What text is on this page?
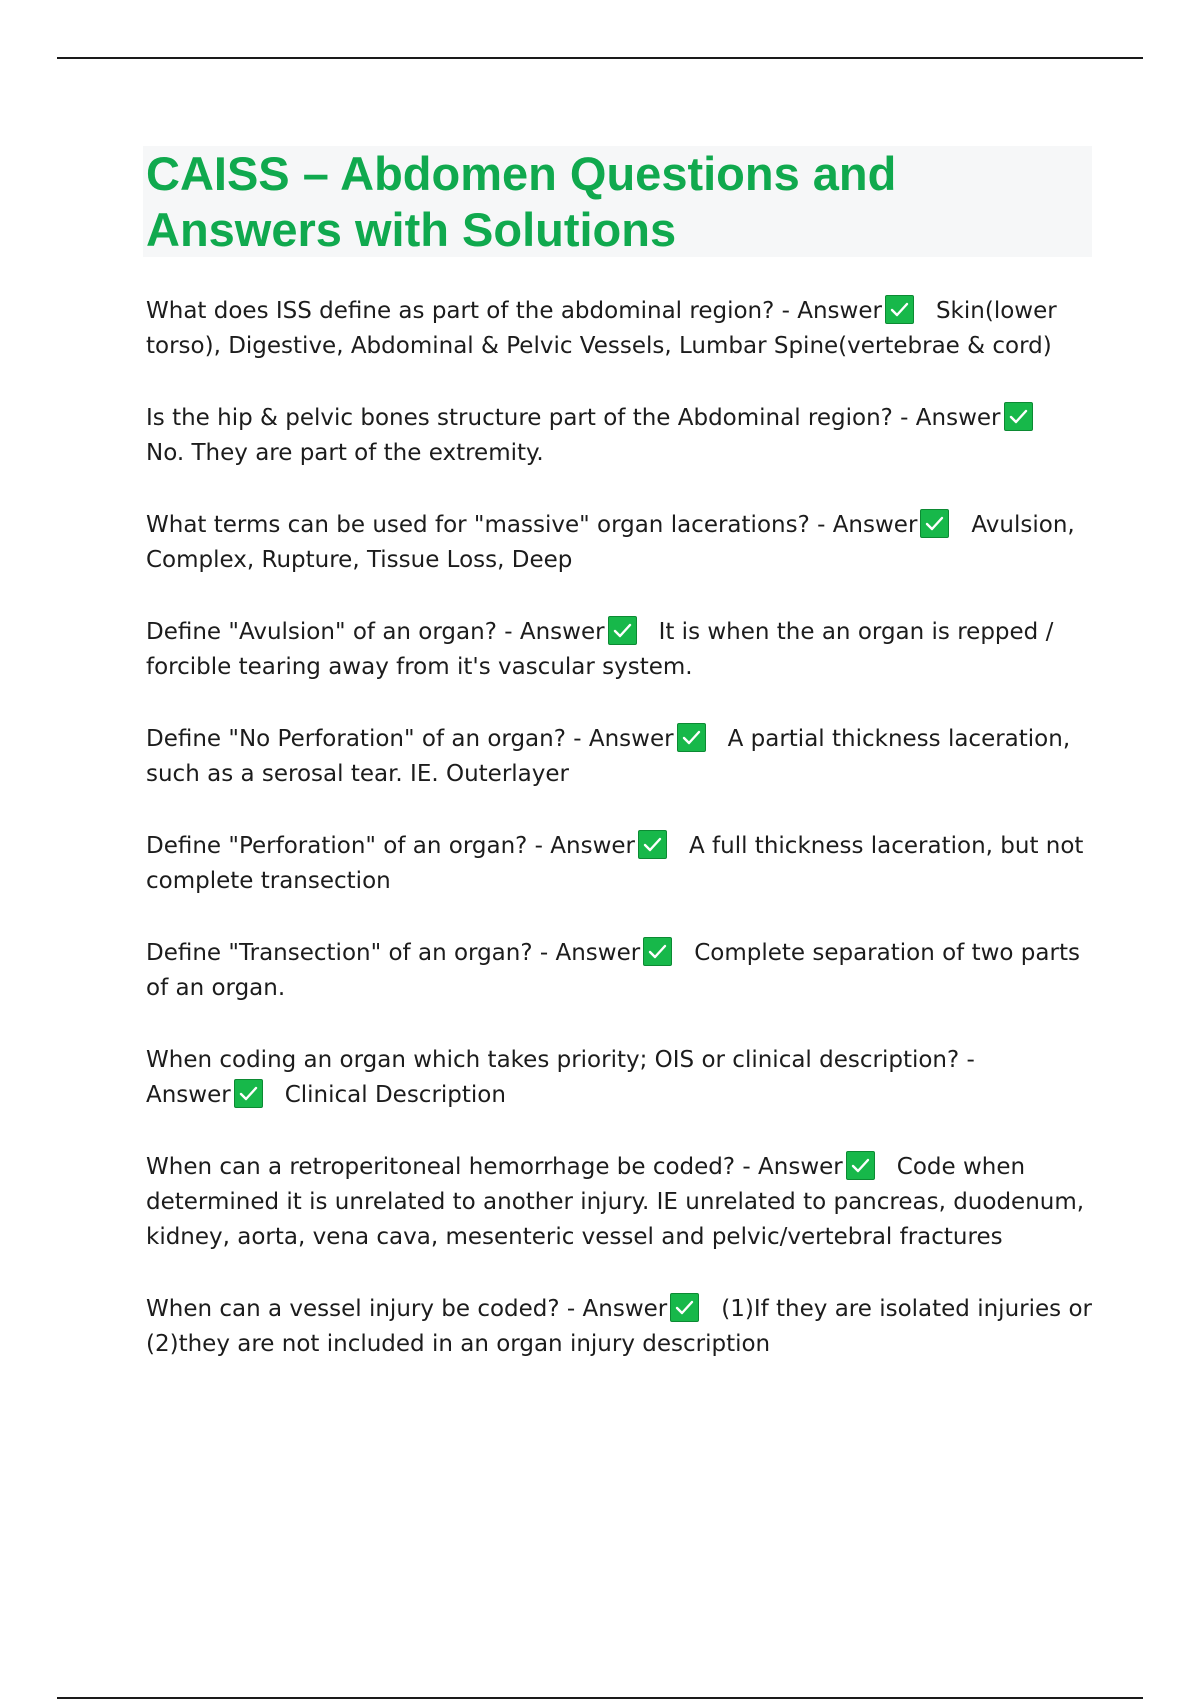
CAISS – Abdomen Questions and Answers with Solutions

What does ISS define as part of the abdominal region? - Answer Skin(lower torso), Digestive, Abdominal & Pelvic Vessels, Lumbar Spine(vertebrae & cord)

Is the hip & pelvic bones structure part of the Abdominal region? - Answer

No. They are part of the extremity.

What terms can be used for "massive" organ lacerations? - Answer Avulsion, Complex, Rupture, Tissue Loss, Deep

Define "Avulsion" of an organ? - Answer It is when the an organ is repped / forcible tearing away from it's vascular system.

Define "No Perforation" of an organ? - Answer A partial thickness laceration, such as a serosal tear. IE. Outerlayer

Define "Perforation" of an organ? - Answer A full thickness laceration, but not complete transection

Define "Transection" of an organ? - Answer Complete separation of two parts of an organ.

When coding an organ which takes priority; OIS or clinical description? -
Answer Clinical Description

When can a retroperitoneal hemorrhage be coded? - Answer Code when determined it is unrelated to another injury. IE unrelated to pancreas, duodenum, kidney, aorta, vena cava, mesenteric vessel and pelvic/vertebral fractures

When can a vessel injury be coded? - Answer (1)If they are isolated injuries or (2)they are not included in an organ injury description
